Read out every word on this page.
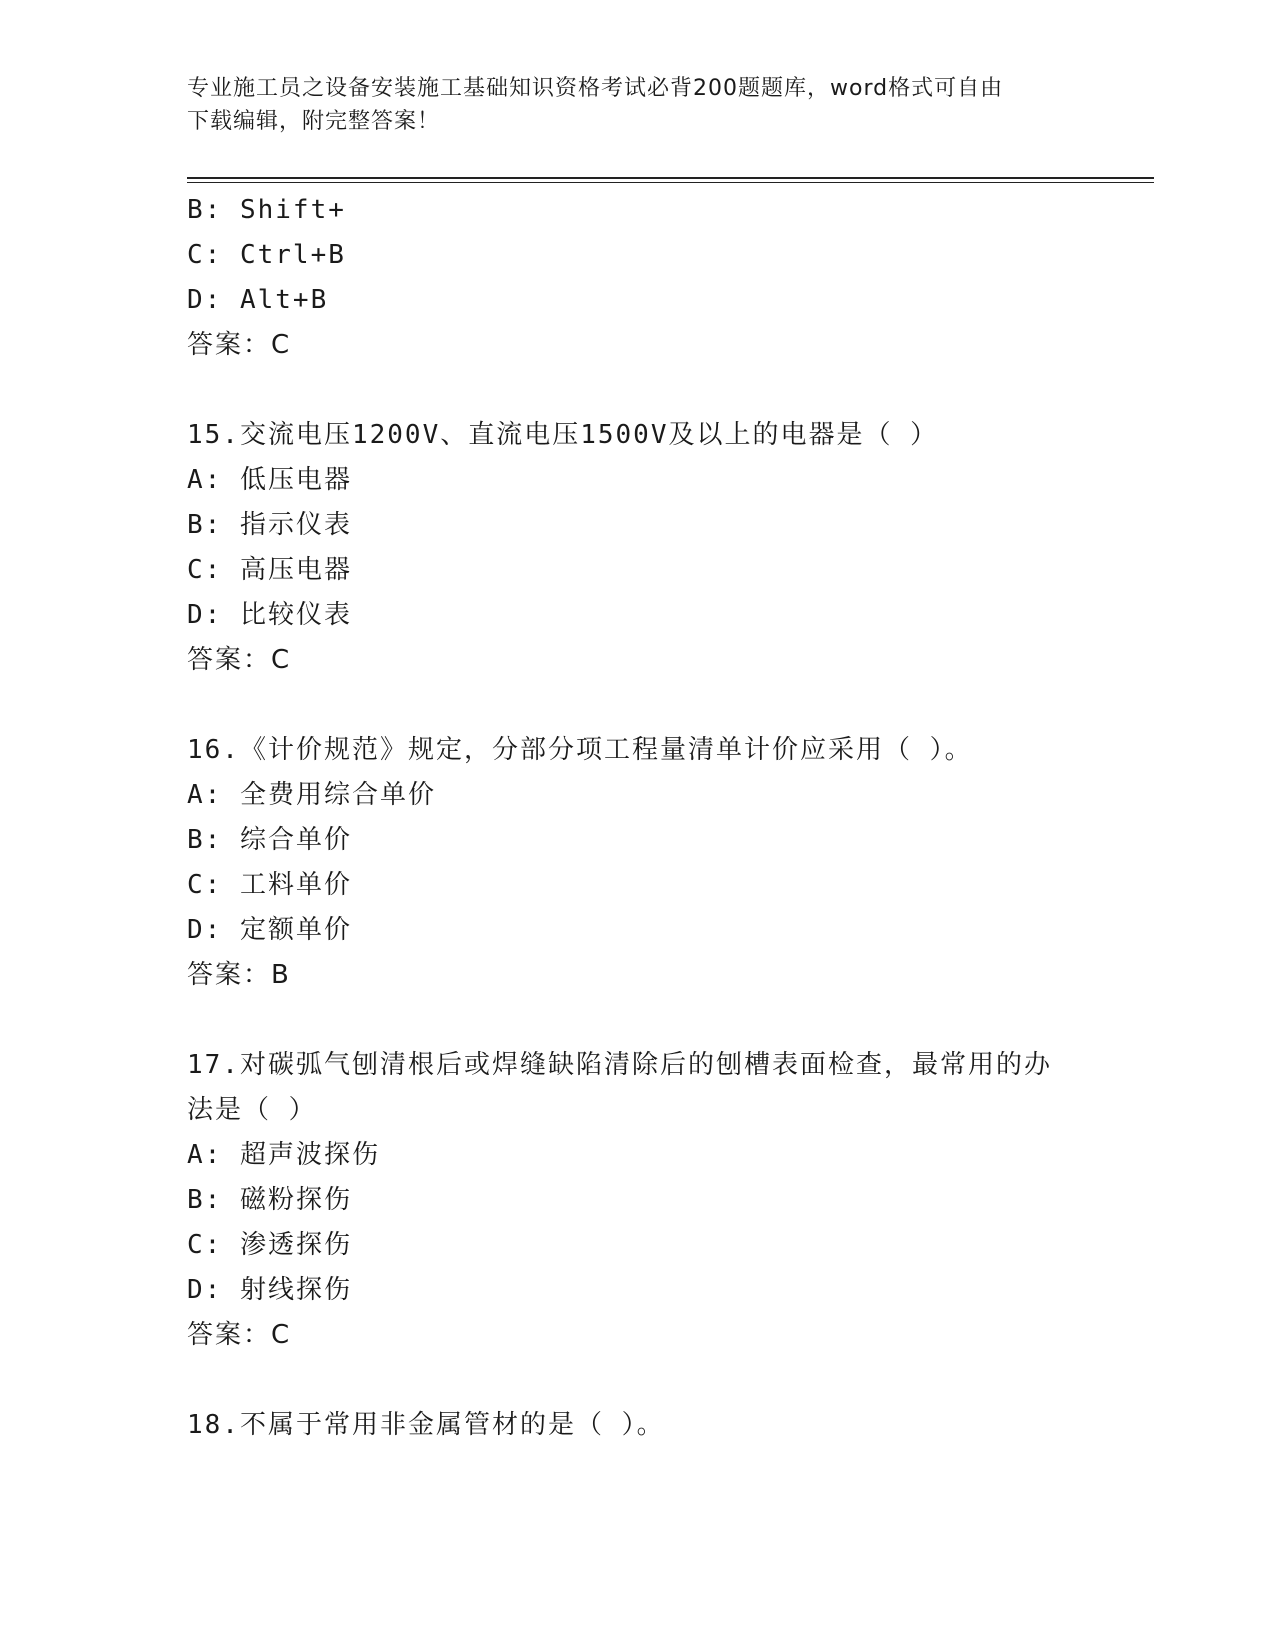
专业施工员之设备安装施工基础知识资格考试必背200题题库，word格式可自由
下载编辑，附完整答案！
B: Shift+
C: Ctrl+B
D: Alt+B
答案：C
15.交流电压1200V、直流电压1500V及以上的电器是（ ）
A: 低压电器
B: 指示仪表
C: 高压电器
D: 比较仪表
答案：C
16.《计价规范》规定，分部分项工程量清单计价应采用（ ）。
A: 全费用综合单价
B: 综合单价
C: 工料单价
D: 定额单价
答案：B
17.对碳弧气刨清根后或焊缝缺陷清除后的刨槽表面检查，最常用的办
法是（ ）
A: 超声波探伤
B: 磁粉探伤
C: 渗透探伤
D: 射线探伤
答案：C
18.不属于常用非金属管材的是（ ）。
